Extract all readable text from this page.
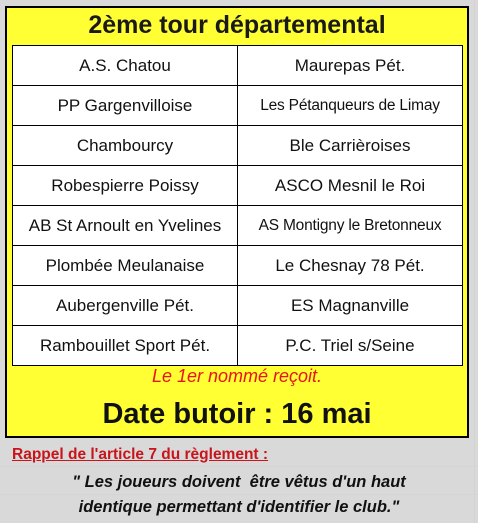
2ème tour départemental
A.S. Chatou	Maurepas Pét.
PP Gargenvilloise	Les Pétanqueurs de Limay
Chambourcy	Ble Carrièroises
Robespierre Poissy	ASCO Mesnil le Roi
AB St Arnoult en Yvelines	AS Montigny le Bretonneux
Plombée Meulanaise	Le Chesnay 78 Pét.
Aubergenville Pét.	ES Magnanville
Rambouillet Sport Pét.	P.C. Triel s/Seine
Le 1er nommé reçoit.
Date butoir : 16 mai
Rappel de l'article 7 du règlement :
" Les joueurs doivent  être vêtus d'un haut
identique permettant d'identifier le club."
